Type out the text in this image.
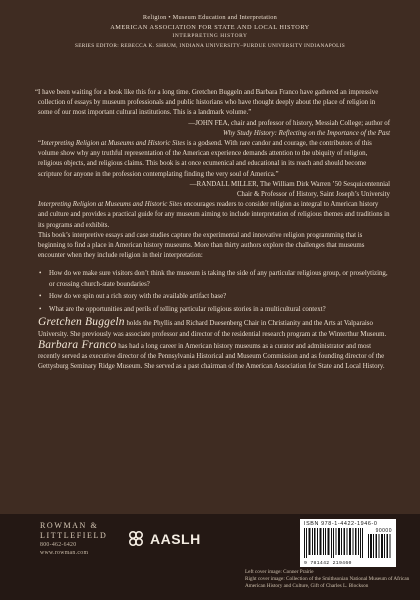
Religion • Museum Education and Interpretation
AMERICAN ASSOCIATION FOR STATE AND LOCAL HISTORY
INTERPRETING HISTORY
SERIES EDITOR: REBECCA K. SHRUM, INDIANA UNIVERSITY–PURDUE UNIVERSITY INDIANAPOLIS

“I have been waiting for a book like this for a long time. Gretchen Buggeln and Barbara Franco have gathered an impressive collection of essays by museum professionals and public historians who have thought deeply about the place of religion in some of our most important cultural institutions. This is a landmark volume.”

—JOHN FEA, chair and professor of history, Messiah College; author of
Why Study History: Reflecting on the Importance of the Past

“Interpreting Religion at Museums and Historic Sites is a godsend. With rare candor and courage, the contributors of this volume show why any truthful representation of the American experience demands attention to the ubiquity of religion, religious objects, and religious claims. This book is at once ecumenical and educational in its reach and should become scripture for anyone in the profession contemplating finding the very soul of America.”

—RANDALL MILLER, The William Dirk Warren ’50 Sesquicentennial
Chair & Professor of History, Saint Joseph’s University

Interpreting Religion at Museums and Historic Sites encourages readers to consider religion as integral to American history and culture and provides a practical guide for any museum aiming to include interpretation of religious themes and traditions in its programs and exhibits.

This book’s interpretive essays and case studies capture the experimental and innovative religion programming that is beginning to find a place in American history museums. More than thirty authors explore the challenges that museums encounter when they include religion in their interpretation:

• How do we make sure visitors don’t think the museum is taking the side of any particular religious group, or proselytizing, or crossing church-state boundaries?
• How do we spin out a rich story with the available artifact base?
• What are the opportunities and perils of telling particular religious stories in a multicultural context?

Gretchen Buggeln holds the Phyllis and Richard Duesenberg Chair in Christianity and the Arts at Valparaiso University. She previously was associate professor and director of the residential research program at the Winterthur Museum.

Barbara Franco has had a long career in American history museums as a curator and administrator and most recently served as executive director of the Pennsylvania Historical and Museum Commission and as founding director of the Gettysburg Seminary Ridge Museum. She served as a past chairman of the American Association for State and Local History.

ROWMAN &
LITTLEFIELD
800-462-6420
www.rowman.com
AASLH
ISBN 978-1-4422-1946-0
90000
9 781442 219460

Left cover image: Conner Prairie

Right cover image: Collection of the Smithsonian National Museum of African American History and Culture, Gift of Charles L. Blockson
